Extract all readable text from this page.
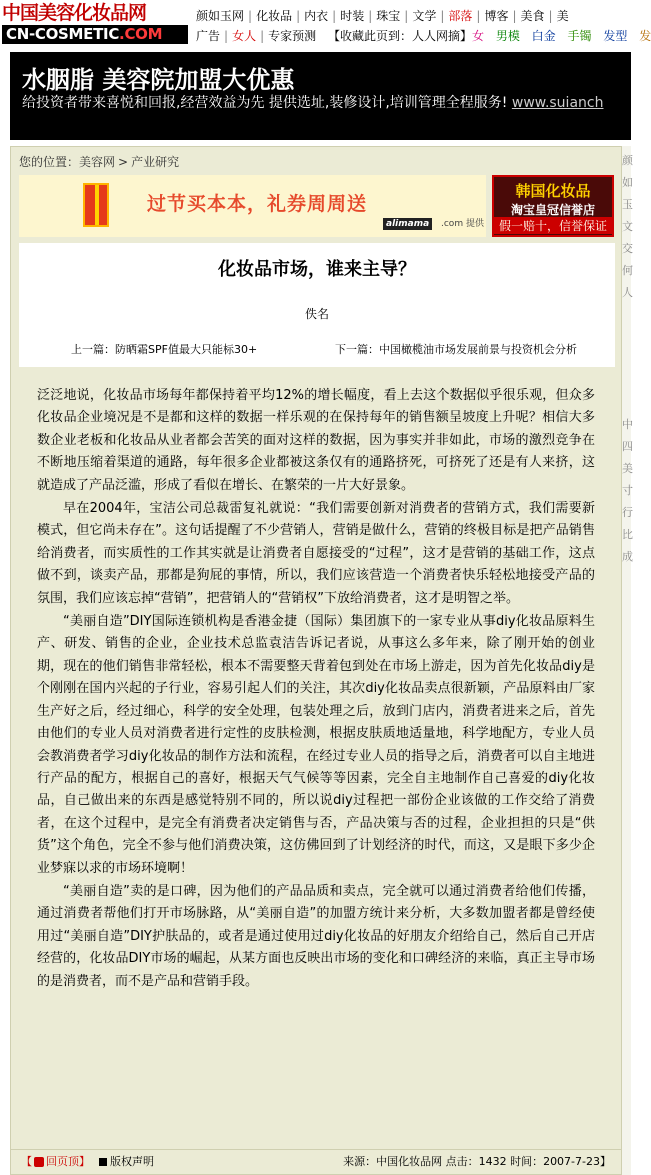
中国美容化妆品网
CN-COSMETIC.COM
颜如玉网 | 化妆品 | 内衣 | 时装 | 珠宝 | 文学 | 部落 | 博客 | 美食 | 美
广告 | 女人 | 专家预测 【收藏此页到：人人网摘】女 男模 白金 手镯 发型 发
水胭脂 美容院加盟大优惠
给投资者带来喜悦和回报,经营效益为先 提供选址,装修设计,培训管理全程服务! www.suianch
您的位置：美容网 > 产业研究
过节买本本，礼券周周送
alimama	.com 提供
韩国化妆品
淘宝皇冠信誉店
假一赔十，信誉保证
化妆品市场，谁来主导？
佚名
上一篇：防晒霜SPF值最大只能标30+	下一篇：中国橄榄油市场发展前景与投资机会分析

泛泛地说，化妆品市场每年都保持着平均12%的增长幅度，看上去这个数据似乎很乐观，但众多化妆品企业境况是不是都和这样的数据一样乐观的在保持每年的销售额呈坡度上升呢？相信大多数企业老板和化妆品从业者都会苦笑的面对这样的数据，因为事实并非如此，市场的激烈竞争在不断地压缩着渠道的通路，每年很多企业都被这条仅有的通路挤死，可挤死了还是有人来挤，这就造成了产品泛滥，形成了看似在增长、在繁荣的一片大好景象。

早在2004年，宝洁公司总裁雷复礼就说：“我们需要创新对消费者的营销方式，我们需要新模式，但它尚未存在”。这句话提醒了不少营销人，营销是做什么，营销的终极目标是把产品销售给消费者，而实质性的工作其实就是让消费者自愿接受的“过程”，这才是营销的基础工作，这点做不到，谈卖产品，那都是狗屁的事情，所以，我们应该营造一个消费者快乐轻松地接受产品的氛围，我们应该忘掉“营销”，把营销人的“营销权”下放给消费者，这才是明智之举。

“美丽自造”DIY国际连锁机构是香港金捷（国际）集团旗下的一家专业从事diy化妆品原料生产、研发、销售的企业，企业技术总监袁洁告诉记者说，从事这么多年来，除了刚开始的创业期，现在的他们销售非常轻松，根本不需要整天背着包到处在市场上游走，因为首先化妆品diy是个刚刚在国内兴起的子行业，容易引起人们的关注，其次diy化妆品卖点很新颖，产品原料由厂家生产好之后，经过细心，科学的安全处理，包装处理之后，放到门店内，消费者进来之后，首先由他们的专业人员对消费者进行定性的皮肤检测，根据皮肤质地适量地，科学地配方，专业人员会教消费者学习diy化妆品的制作方法和流程，在经过专业人员的指导之后，消费者可以自主地进行产品的配方，根据自己的喜好，根据天气气候等等因素，完全自主地制作自己喜爱的diy化妆品，自己做出来的东西是感觉特别不同的，所以说diy过程把一部份企业该做的工作交给了消费者，在这个过程中，是完全有消费者决定销售与否，产品决策与否的过程，企业担担的只是“供货”这个角色，完全不参与他们消费决策，这仿佛回到了计划经济的时代，而这，又是眼下多少企业梦寐以求的市场环境啊！

“美丽自造”卖的是口碑，因为他们的产品品质和卖点，完全就可以通过消费者给他们传播，通过消费者帮他们打开市场脉路，从“美丽自造”的加盟方统计来分析，大多数加盟者都是曾经使用过“美丽自造”DIY护肤品的，或者是通过使用过diy化妆品的好朋友介绍给自己，然后自己开店经营的，化妆品DIY市场的崛起，从某方面也反映出市场的变化和口碑经济的来临，真正主导市场的是消费者，而不是产品和营销手段。

【 回页顶】	版权声明	来源：中国化妆品网 点击：1432 时间：2007-7-23】
颜
如
玉
文
交
何
人
中
四
美
寸
行
比
成
